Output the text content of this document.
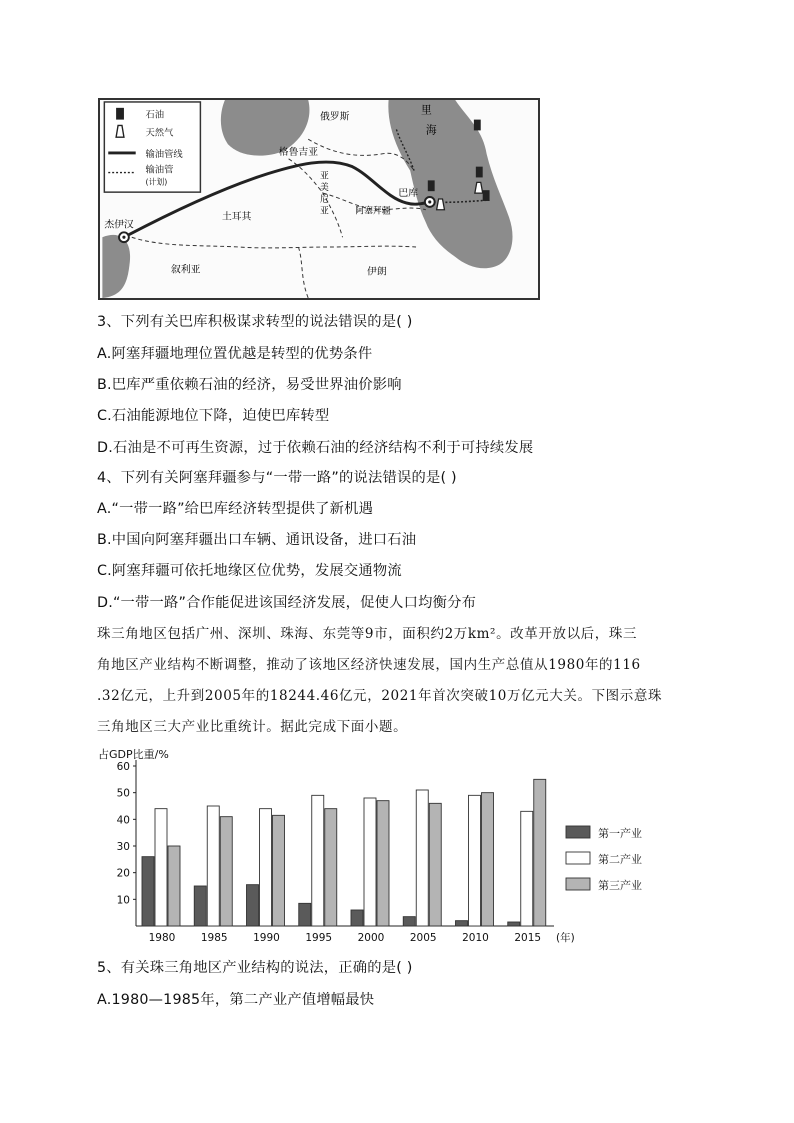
石油
天然气
输油管线
输油管
(计划)
俄罗斯
格鲁吉亚
里
海
亚
美
尼
亚
巴库
阿塞拜疆
土耳其
杰伊汉
叙利亚	伊朗
3、下列有关巴库积极谋求转型的说法错误的是( )
A.阿塞拜疆地理位置优越是转型的优势条件
B.巴库严重依赖石油的经济，易受世界油价影响
C.石油能源地位下降，迫使巴库转型
D.石油是不可再生资源，过于依赖石油的经济结构不利于可持续发展
4、下列有关阿塞拜疆参与“一带一路”的说法错误的是( )
A.“一带一路”给巴库经济转型提供了新机遇
B.中国向阿塞拜疆出口车辆、通讯设备，进口石油
C.阿塞拜疆可依托地缘区位优势，发展交通物流
D.“一带一路”合作能促进该国经济发展，促使人口均衡分布
珠三角地区包括广州、深圳、珠海、东莞等9市，面积约2万km²。改革开放以后，珠三
角地区产业结构不断调整，推动了该地区经济快速发展，国内生产总值从1980年的116
.32亿元，上升到2005年的18244.46亿元，2021年首次突破10万亿元大关。下图示意珠
三角地区三大产业比重统计。据此完成下面小题。
占GDP比重/%
10
20
30
40
50
60
1980 1985 1990 1995 2000 2005 2010 2015 (年)
第一产业
第二产业
第三产业
5、有关珠三角地区产业结构的说法，正确的是( )
A.1980—1985年，第二产业产值增幅最快
